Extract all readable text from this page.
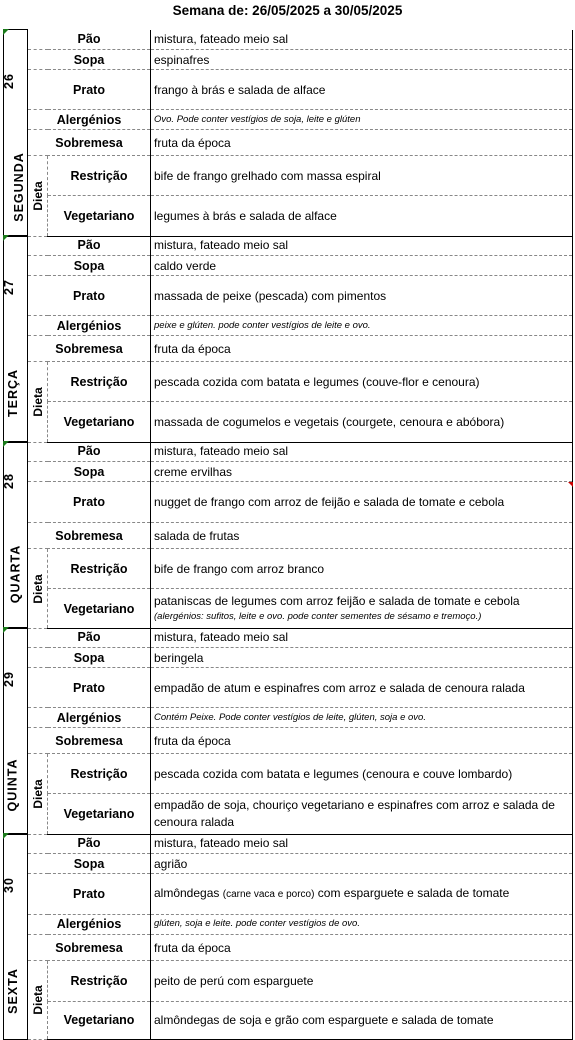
Semana de: 26/05/2025 a 30/05/2025
26
SEGUNDA	Pão		mistura, fateado meio sal
	Sopa		espinafres
	Prato		frango à brás e salada de alface
	Alergénios		Ovo. Pode conter vestígios de soja, leite e glúten
	Sobremesa		fruta da época

	Dieta	Restrição	bife de frango grelhado com massa espiral
		Vegetariano	legumes à brás e salada de alface
27
TERÇA	Pão		mistura, fateado meio sal
	Sopa		caldo verde
	Prato		massada de peixe (pescada) com pimentos
	Alergénios		peixe e glúten. pode conter vestígios de leite e ovo.
	Sobremesa		fruta da época

	Dieta	Restrição	pescada cozida com batata e legumes (couve-flor e cenoura)
		Vegetariano	massada de cogumelos e vegetais (courgete, cenoura e abóbora)
28
QUARTA	Pão		mistura, fateado meio sal
	Sopa		creme ervilhas
	Prato		nugget de frango com arroz de feijão e salada de tomate e cebola
	Sobremesa		salada de frutas

	Dieta	Restrição	bife de frango com arroz branco
		Vegetariano	pataniscas de legumes com arroz feijão e salada de tomate e cebola
(alergénios: sufitos, leite e ovo. pode conter sementes de sésamo e tremoço.)
29
QUINTA	Pão		mistura, fateado meio sal
	Sopa		beringela
	Prato		empadão de atum e espinafres com arroz e salada de cenoura ralada
	Alergénios		Contém Peixe. Pode conter vestígios de leite, glúten, soja e ovo.
	Sobremesa		fruta da época

	Dieta	Restrição	pescada cozida com batata e legumes (cenoura e couve lombardo)
		Vegetariano	empadão de soja, chouriço vegetariano e espinafres com arroz e salada de cenoura ralada
30
SEXTA	Pão		mistura, fateado meio sal
	Sopa		agrião
	Prato		almôndegas (carne vaca e porco) com esparguete e salada de tomate
	Alergénios		glúten, soja e leite. pode conter vestígios de ovo.
	Sobremesa		fruta da época

	Dieta	Restrição	peito de perú com esparguete
		Vegetariano	almôndegas de soja e grão com esparguete e salada de tomate
